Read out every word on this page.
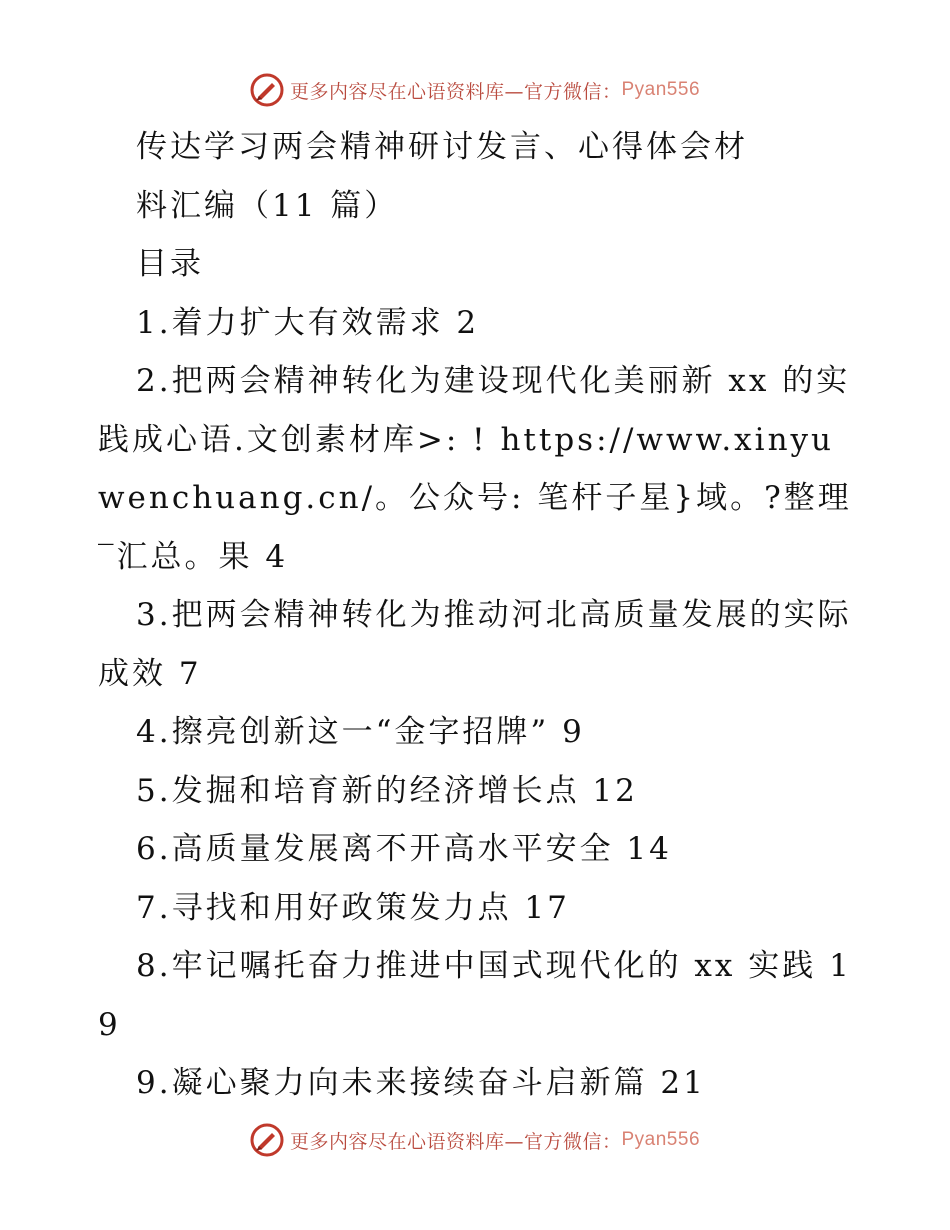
更多内容尽在心语资料库—官方微信： Pyan556

传达学习两会精神研讨发言、心得体会材

料汇编（11 篇）

目录

1.着力扩大有效需求 2

2.把两会精神转化为建设现代化美丽新 xx 的实践成心语.文创素材库>: ! https://www.xinyuwenchuang.cn/。公众号: 笔杆子星}域。?整理‾汇总。果 4

3.把两会精神转化为推动河北高质量发展的实际成效 7

4.擦亮创新这一“金字招牌” 9

5.发掘和培育新的经济增长点 12

6.高质量发展离不开高水平安全 14

7.寻找和用好政策发力点 17

8.牢记嘱托奋力推进中国式现代化的 xx 实践 19

9.凝心聚力向未来接续奋斗启新篇 21

更多内容尽在心语资料库—官方微信： Pyan556
